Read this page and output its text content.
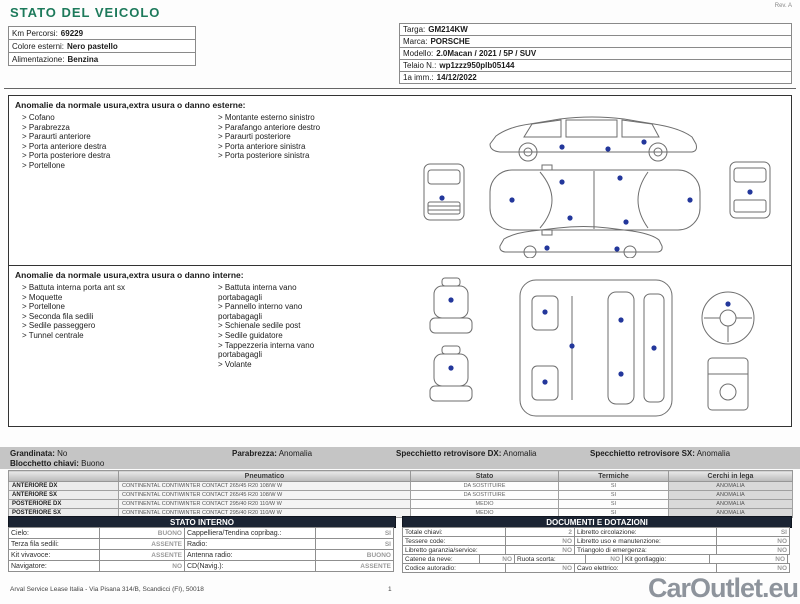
STATO DEL VEICOLO	Rev. A
Km Percorsi: 69229
Colore esterni: Nero pastello
Alimentazione: Benzina
Targa: GM214KW
Marca: PORSCHE
Modello: 2.0Macan / 2021 / 5P / SUV
Telaio N.: wp1zzz950plb05144
1a imm.: 14/12/2022
Anomalie da normale usura,extra usura o danno esterne:
> Cofano
> Parabrezza
> Paraurti anteriore
> Porta anteriore destra
> Porta posteriore destra
> Portellone
> Montante esterno sinistro
> Parafango anteriore destro
> Paraurti posteriore
> Porta anteriore sinistra
> Porta posteriore sinistra
Anomalie da normale usura,extra usura o danno interne:
> Battuta interna porta ant sx
> Moquette
> Portellone
> Seconda fila sedili
> Sedile passeggero
> Tunnel centrale
> Battuta interna vano portabagagli
> Pannello interno vano portabagagli
> Schienale sedile post
> Sedile guidatore
> Tappezzeria interna vano portabagagli
> Volante
Grandinata: No	Parabrezza: Anomalia	Specchietto retrovisore DX: Anomalia	Specchietto retrovisore SX: Anomalia
Blocchetto chiavi: Buono
	Pneumatico	Stato	Termiche	Cerchi in lega
ANTERIORE DX	CONTINENTAL CONTIWINTER CONTACT 265/45 R20 108/W W	DA SOSTITUIRE	SI	ANOMALIA
ANTERIORE SX	CONTINENTAL CONTIWINTER CONTACT 265/45 R20 108/W W	DA SOSTITUIRE	SI	ANOMALIA
POSTERIORE DX	CONTINENTAL CONTIWINTER CONTACT 295/40 R20 110/W W	MEDIO	SI	ANOMALIA
POSTERIORE SX	CONTINENTAL CONTIWINTER CONTACT 295/40 R20 110/W W	MEDIO	SI	ANOMALIA
STATO INTERNO
Cielo:	BUONO Cappelliera/Tendina copribag.:	SI
Terza fila sedili:	ASSENTE Radio:	SI
Kit vivavoce:	ASSENTE Antenna radio:	BUONO
Navigatore:	NO CD(Navig.):	ASSENTE
DOCUMENTI E DOTAZIONI
Totale chiavi:	2 Libretto circolazione:	SI
Tessere code:	NO Libretto uso e manutenzione:	NO
Libretto garanzia/service:	NO Triangolo di emergenza:	NO
Catene da neve:	NO Ruota scorta:	NO Kit gonfiaggio:	NO
Codice autoradio:	NO Cavo elettrico:	NO
Arval Service Lease Italia - Via Pisana 314/B, Scandicci (FI), 50018	1	CarOutlet.eu
